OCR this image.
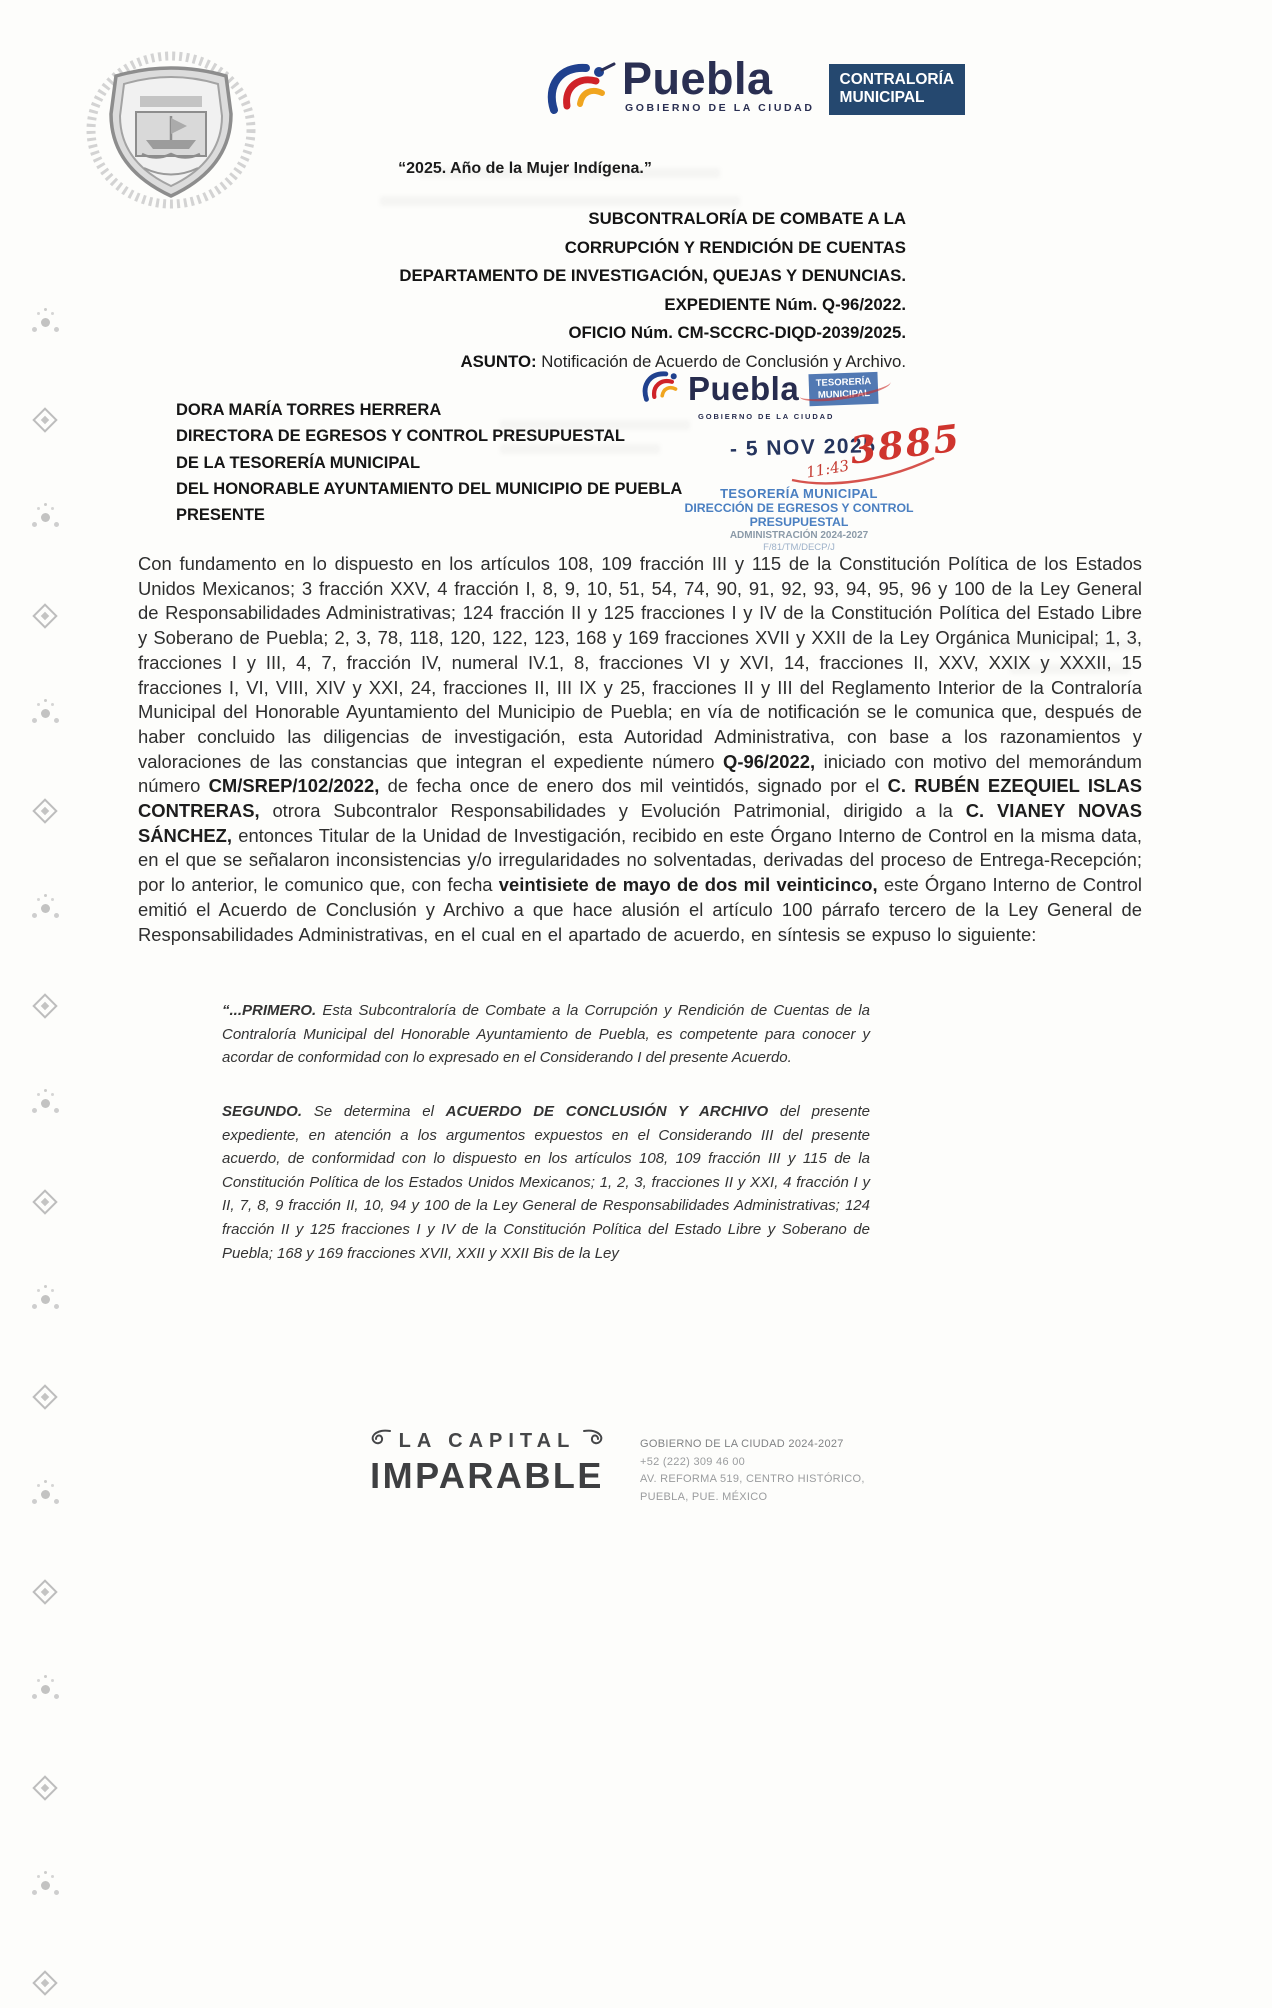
Puebla
GOBIERNO DE LA CIUDAD
CONTRALORÍA
MUNICIPAL
“2025. Año de la Mujer Indígena.”
SUBCONTRALORÍA DE COMBATE A LA
CORRUPCIÓN Y RENDICIÓN DE CUENTAS
DEPARTAMENTO DE INVESTIGACIÓN, QUEJAS Y DENUNCIAS.
EXPEDIENTE Núm. Q-96/2022.
OFICIO Núm. CM-SCCRC-DIQD-2039/2025.
ASUNTO: Notificación de Acuerdo de Conclusión y Archivo.
DORA MARÍA TORRES HERRERA
DIRECTORA DE EGRESOS Y CONTROL PRESUPUESTAL
DE LA TESORERÍA MUNICIPAL
DEL HONORABLE AYUNTAMIENTO DEL MUNICIPIO DE PUEBLA
PRESENTE
Puebla TESORERÍA
MUNICIPAL
GOBIERNO DE LA CIUDAD
- 5 NOV 2025
11:43
3885
TESORERÍA MUNICIPAL
DIRECCIÓN DE EGRESOS Y CONTROL
PRESUPUESTAL
ADMINISTRACIÓN 2024-2027
F/81/TM/DECP/J

Con fundamento en lo dispuesto en los artículos 108, 109 fracción III y 115 de la Constitución Política de los Estados Unidos Mexicanos; 3 fracción XXV, 4 fracción I, 8, 9, 10, 51, 54, 74, 90, 91, 92, 93, 94, 95, 96 y 100 de la Ley General de Responsabilidades Administrativas; 124 fracción II y 125 fracciones I y IV de la Constitución Política del Estado Libre y Soberano de Puebla; 2, 3, 78, 118, 120, 122, 123, 168 y 169 fracciones XVII y XXII de la Ley Orgánica Municipal; 1, 3, fracciones I y III, 4, 7, fracción IV, numeral IV.1, 8, fracciones VI y XVI, 14, fracciones II, XXV, XXIX y XXXII, 15 fracciones I, VI, VIII, XIV y XXI, 24, fracciones II, III IX y 25, fracciones II y III del Reglamento Interior de la Contraloría Municipal del Honorable Ayuntamiento del Municipio de Puebla; en vía de notificación se le comunica que, después de haber concluido las diligencias de investigación, esta Autoridad Administrativa, con base a los razonamientos y valoraciones de las constancias que integran el expediente número Q-96/2022, iniciado con motivo del memorándum número CM/SREP/102/2022, de fecha once de enero dos mil veintidós, signado por el C. RUBÉN EZEQUIEL ISLAS CONTRERAS, otrora Subcontralor Responsabilidades y Evolución Patrimonial, dirigido a la C. VIANEY NOVAS SÁNCHEZ, entonces Titular de la Unidad de Investigación, recibido en este Órgano Interno de Control en la misma data, en el que se señalaron inconsistencias y/o irregularidades no solventadas, derivadas del proceso de Entrega-Recepción; por lo anterior, le comunico que, con fecha veintisiete de mayo de dos mil veinticinco, este Órgano Interno de Control emitió el Acuerdo de Conclusión y Archivo a que hace alusión el artículo 100 párrafo tercero de la Ley General de Responsabilidades Administrativas, en el cual en el apartado de acuerdo, en síntesis se expuso lo siguiente:

“...PRIMERO. Esta Subcontraloría de Combate a la Corrupción y Rendición de Cuentas de la Contraloría Municipal del Honorable Ayuntamiento de Puebla, es competente para conocer y acordar de conformidad con lo expresado en el Considerando I del presente Acuerdo.

SEGUNDO. Se determina el ACUERDO DE CONCLUSIÓN Y ARCHIVO del presente expediente, en atención a los argumentos expuestos en el Considerando III del presente acuerdo, de conformidad con lo dispuesto en los artículos 108, 109 fracción III y 115 de la Constitución Política de los Estados Unidos Mexicanos; 1, 2, 3, fracciones II y XXI, 4 fracción I y II, 7, 8, 9 fracción II, 10, 94 y 100 de la Ley General de Responsabilidades Administrativas; 124 fracción II y 125 fracciones I y IV de la Constitución Política del Estado Libre y Soberano de Puebla; 168 y 169 fracciones XVII, XXII y XXII Bis de la Ley

LA CAPITAL
IMPARABLE
GOBIERNO DE LA CIUDAD 2024-2027
+52 (222) 309 46 00
AV. REFORMA 519, CENTRO HISTÓRICO,
PUEBLA, PUE. MÉXICO
